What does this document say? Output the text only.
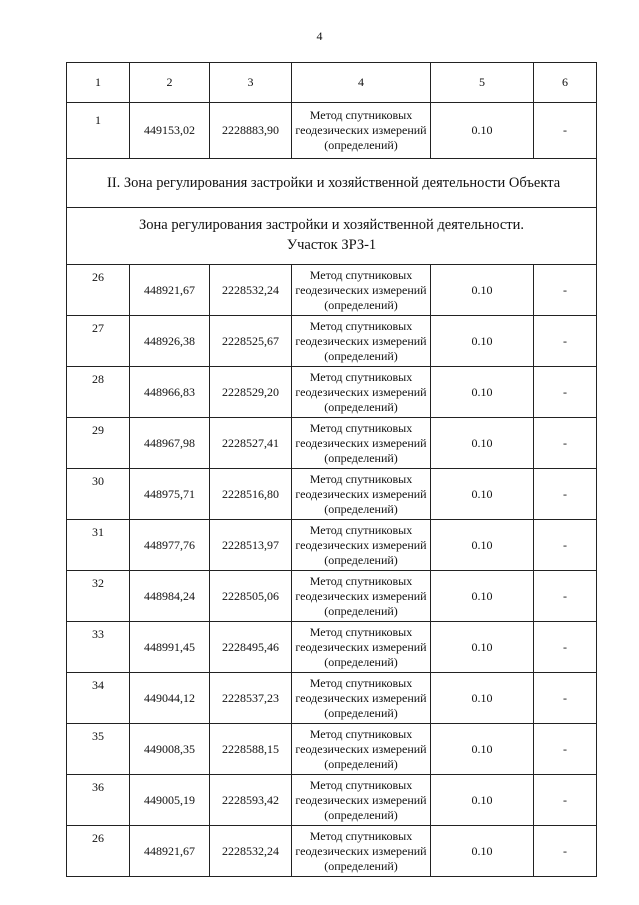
4
1	2	3	4	5	6
1	449153,02	2228883,90	Метод спутниковых
геодезических измерений
(определений)	0.10	-
II. Зона регулирования застройки и хозяйственной деятельности Объекта					

Зона регулирования застройки и хозяйственной деятельности.
Участок ЗРЗ-1					

26	448921,67	2228532,24	Метод спутниковых
геодезических измерений
(определений)	0.10	-
27	448926,38	2228525,67	Метод спутниковых
геодезических измерений
(определений)	0.10	-
28	448966,83	2228529,20	Метод спутниковых
геодезических измерений
(определений)	0.10	-
29	448967,98	2228527,41	Метод спутниковых
геодезических измерений
(определений)	0.10	-
30	448975,71	2228516,80	Метод спутниковых
геодезических измерений
(определений)	0.10	-
31	448977,76	2228513,97	Метод спутниковых
геодезических измерений
(определений)	0.10	-
32	448984,24	2228505,06	Метод спутниковых
геодезических измерений
(определений)	0.10	-
33	448991,45	2228495,46	Метод спутниковых
геодезических измерений
(определений)	0.10	-
34	449044,12	2228537,23	Метод спутниковых
геодезических измерений
(определений)	0.10	-
35	449008,35	2228588,15	Метод спутниковых
геодезических измерений
(определений)	0.10	-
36	449005,19	2228593,42	Метод спутниковых
геодезических измерений
(определений)	0.10	-
26	448921,67	2228532,24	Метод спутниковых
геодезических измерений
(определений)	0.10	-
